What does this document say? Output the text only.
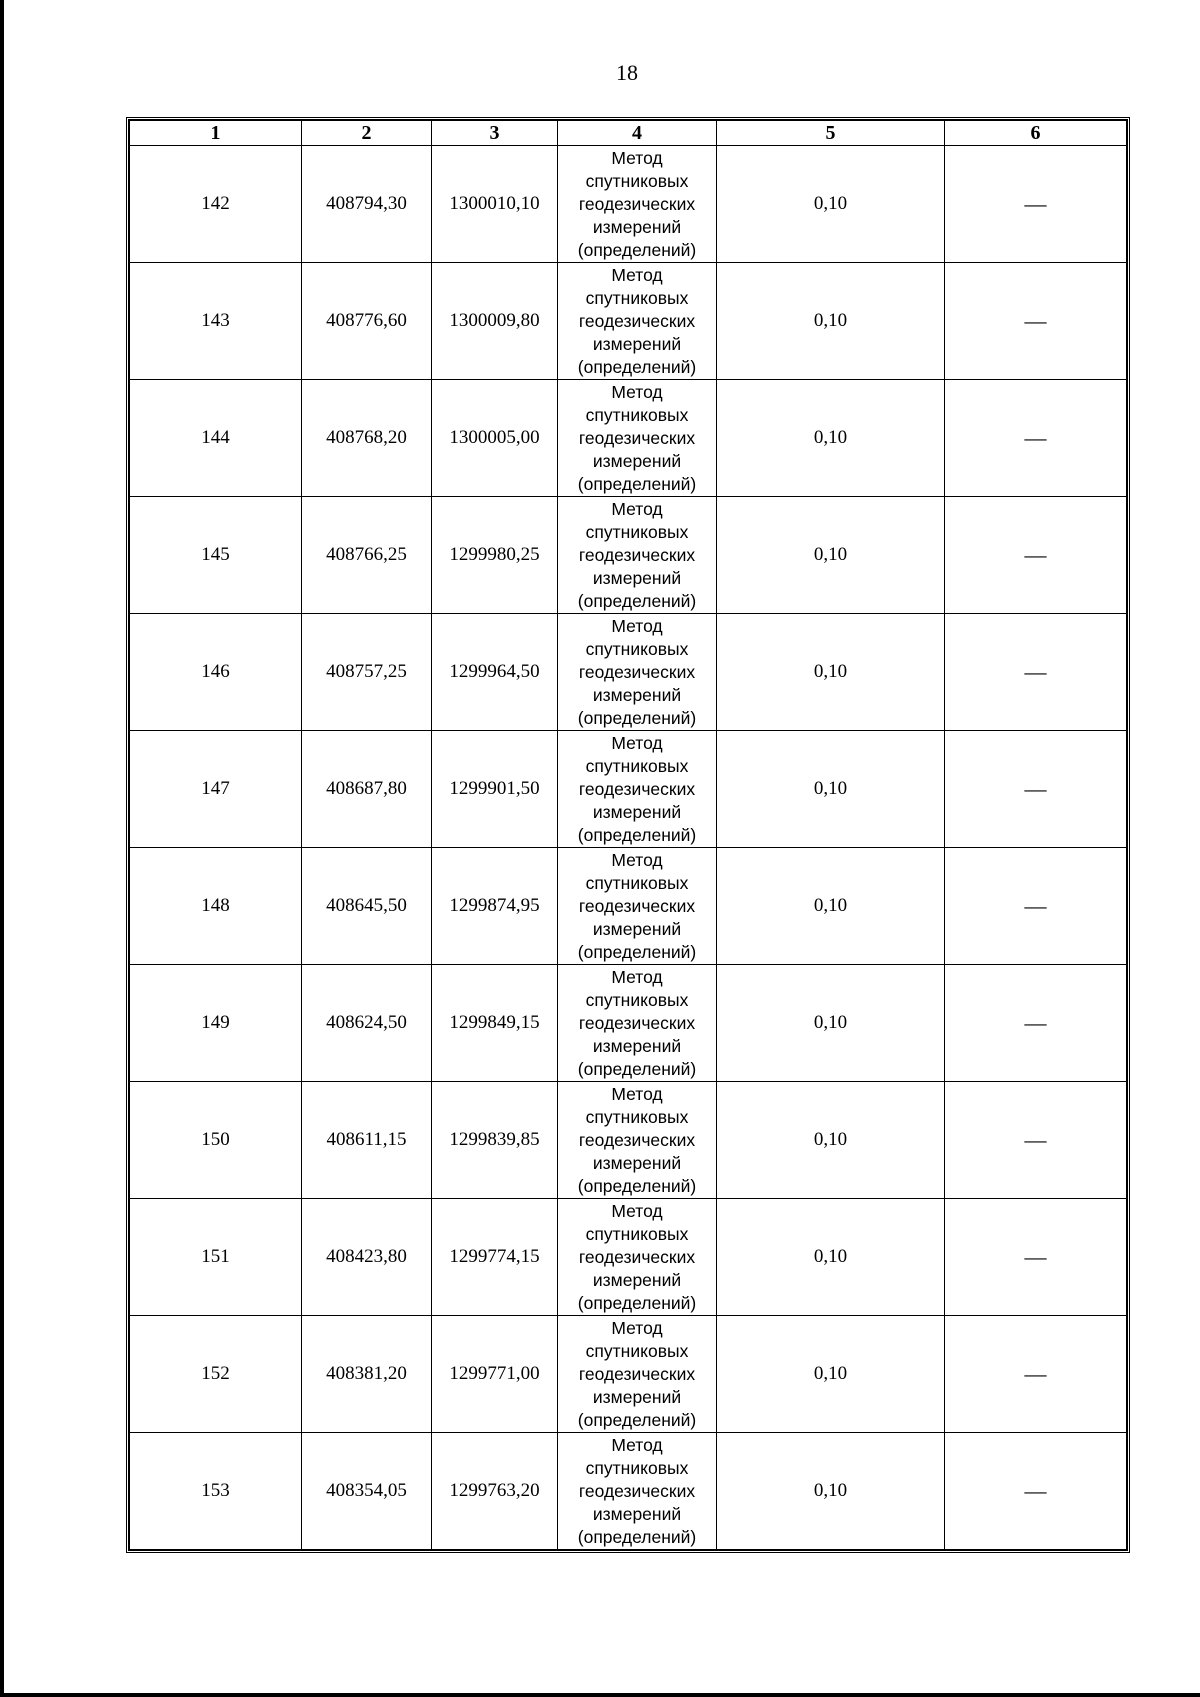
18
1	2	3	4	5	6
142	408794,30	1300010,10	Метод
спутниковых
геодезических
измерений
(определений)	0,10	—
143	408776,60	1300009,80	Метод
спутниковых
геодезических
измерений
(определений)	0,10	—
144	408768,20	1300005,00	Метод
спутниковых
геодезических
измерений
(определений)	0,10	—
145	408766,25	1299980,25	Метод
спутниковых
геодезических
измерений
(определений)	0,10	—
146	408757,25	1299964,50	Метод
спутниковых
геодезических
измерений
(определений)	0,10	—
147	408687,80	1299901,50	Метод
спутниковых
геодезических
измерений
(определений)	0,10	—
148	408645,50	1299874,95	Метод
спутниковых
геодезических
измерений
(определений)	0,10	—
149	408624,50	1299849,15	Метод
спутниковых
геодезических
измерений
(определений)	0,10	—
150	408611,15	1299839,85	Метод
спутниковых
геодезических
измерений
(определений)	0,10	—
151	408423,80	1299774,15	Метод
спутниковых
геодезических
измерений
(определений)	0,10	—
152	408381,20	1299771,00	Метод
спутниковых
геодезических
измерений
(определений)	0,10	—
153	408354,05	1299763,20	Метод
спутниковых
геодезических
измерений
(определений)	0,10	—
